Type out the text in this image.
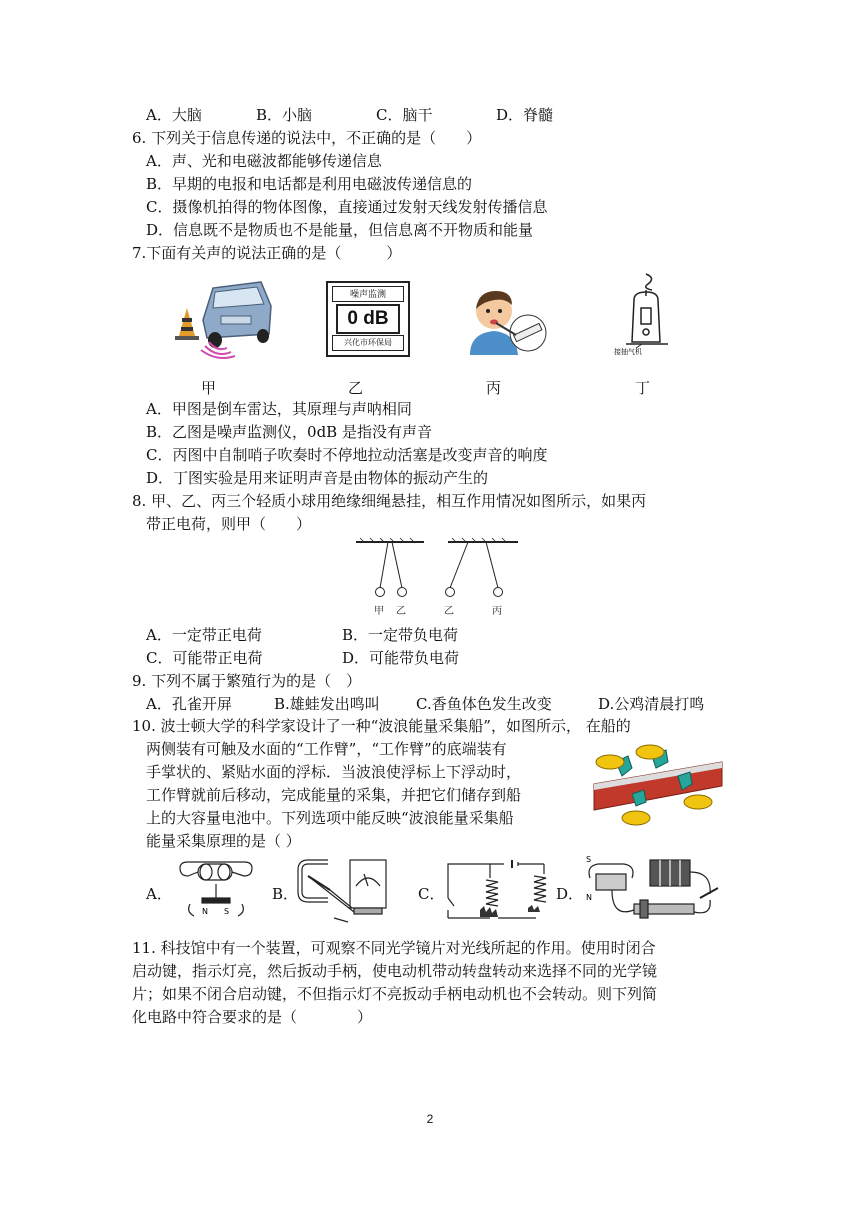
A．大脑	B．小脑	C．脑干	D．脊髓
6. 下列关于信息传递的说法中，不正确的是（　　）
A．声、光和电磁波都能够传递信息
B．早期的电报和电话都是利用电磁波传递信息的
C．摄像机拍得的物体图像，直接通过发射天线发射传播信息
D．信息既不是物质也不是能量，但信息离不开物质和能量
7.下面有关声的说法正确的是（　　　）
噪声监测
0 dB
兴化市环保局
接抽气机
甲	乙	丙	丁
A．甲图是倒车雷达，其原理与声呐相同
B．乙图是噪声监测仪，0dB 是指没有声音
C．丙图中自制哨子吹奏时不停地拉动活塞是改变声音的响度
D．丁图实验是用来证明声音是由物体的振动产生的
8. 甲、乙、丙三个轻质小球用绝缘细绳悬挂，相互作用情况如图所示，如果丙
带正电荷，则甲（　　）
甲 乙	乙	丙
A．一定带正电荷	B．一定带负电荷
C．可能带正电荷	D．可能带负电荷
9. 下列不属于繁殖行为的是（　）
A．孔雀开屏	B.雄蛙发出鸣叫 C.香鱼体色发生改变	D.公鸡清晨打鸣
10. 波士顿大学的科学家设计了一种“波浪能量采集船”，如图所示， 在船的
两侧装有可触及水面的“工作臂”，“工作臂”的底端装有
手掌状的、紧贴水面的浮标．当波浪使浮标上下浮动时，
工作臂就前后移动，完成能量的采集，并把它们储存到船
上的大容量电池中。下列选项中能反映“波浪能量采集船
能量采集原理的是（ ）
A．
N S
B．	C．	D．
S
N
11. 科技馆中有一个装置，可观察不同光学镜片对光线所起的作用。使用时闭合
启动键，指示灯亮，然后扳动手柄，使电动机带动转盘转动来选择不同的光学镜
片；如果不闭合启动键，不但指示灯不亮扳动手柄电动机也不会转动。则下列简
化电路中符合要求的是（　　　　）
2
